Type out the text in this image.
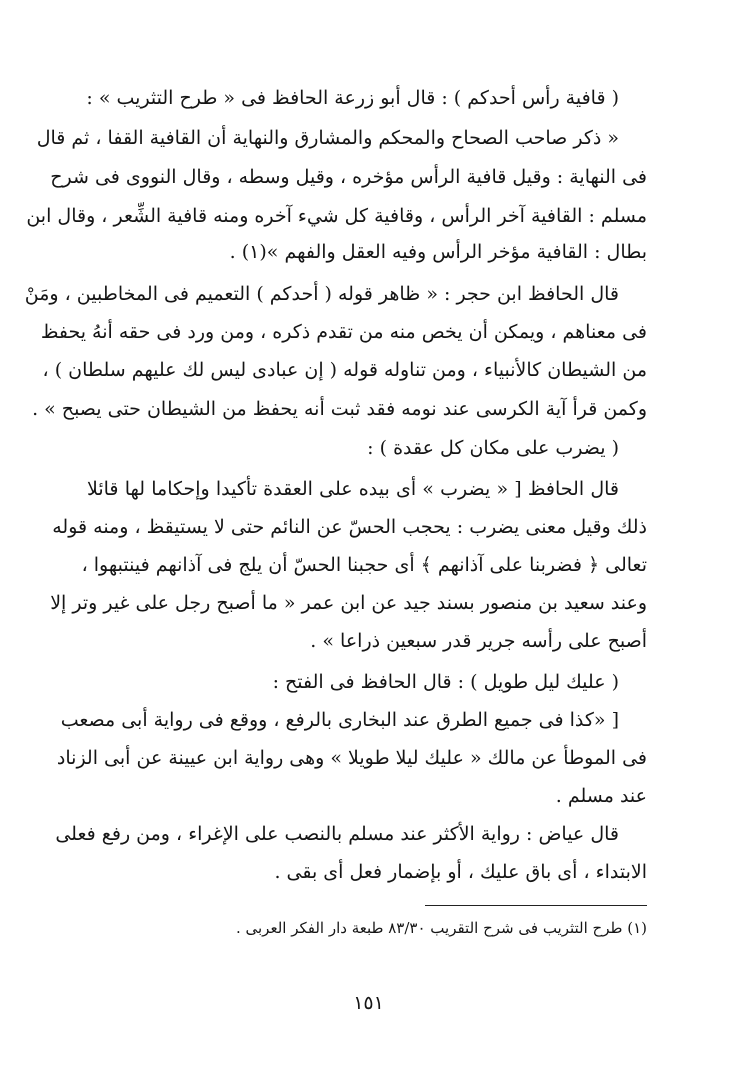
( قافية رأس أحدكم ) : قال أبو زرعة الحافظ فى « طرح التثريب » :
« ذكر صاحب الصحاح والمحكم والمشارق والنهاية أن القافية القفا ، ثم قال
فى النهاية : وقيل قافية الرأس مؤخره ، وقيل وسطه ، وقال النووى فى شرح
مسلم : القافية آخر الرأس ، وقافية كل شيء آخره ومنه قافية الشِّعر ، وقال ابن
بطال : القافية مؤخر الرأس وفيه العقل والفهم »(١) .
قال الحافظ ابن حجر : « ظاهر قوله ( أحدكم ) التعميم فى المخاطبين ، ومَنْ
فى معناهم ، ويمكن أن يخص منه من تقدم ذكره ، ومن ورد فى حقه أنهُ يحفظ
من الشيطان كالأنبياء ، ومن تناوله قوله ( إن عبادى ليس لك عليهم سلطان ) ،
وكمن قرأ آية الكرسى عند نومه فقد ثبت أنه يحفظ من الشيطان حتى يصبح » .
( يضرب على مكان كل عقدة ) :
قال الحافظ [ « يضرب » أى بيده على العقدة تأكيدا وإحكاما لها قائلا
ذلك وقيل معنى يضرب : يحجب الحسّ عن النائم حتى لا يستيقظ ، ومنه قوله
تعالى ﴿ فضربنا على آذانهم ﴾ أى حجبنا الحسّ أن يلج فى آذانهم فينتبهوا ،
وعند سعيد بن منصور بسند جيد عن ابن عمر « ما أصبح رجل على غير وتر إلا
أصبح على رأسه جرير قدر سبعين ذراعا » .
( عليك ليل طويل ) : قال الحافظ فى الفتح :
[ «كذا فى جميع الطرق عند البخارى بالرفع ، ووقع فى رواية أبى مصعب
فى الموطأ عن مالك « عليك ليلا طويلا » وهى رواية ابن عيينة عن أبى الزناد
عند مسلم .
قال عياض : رواية الأكثر عند مسلم بالنصب على الإغراء ، ومن رفع فعلى
الابتداء ، أى باق عليك ، أو بإضمار فعل أى بقى .
(١) طرح التثريب فى شرح التقريب ٨٣/٣٠ طبعة دار الفكر العربى .
١٥١
